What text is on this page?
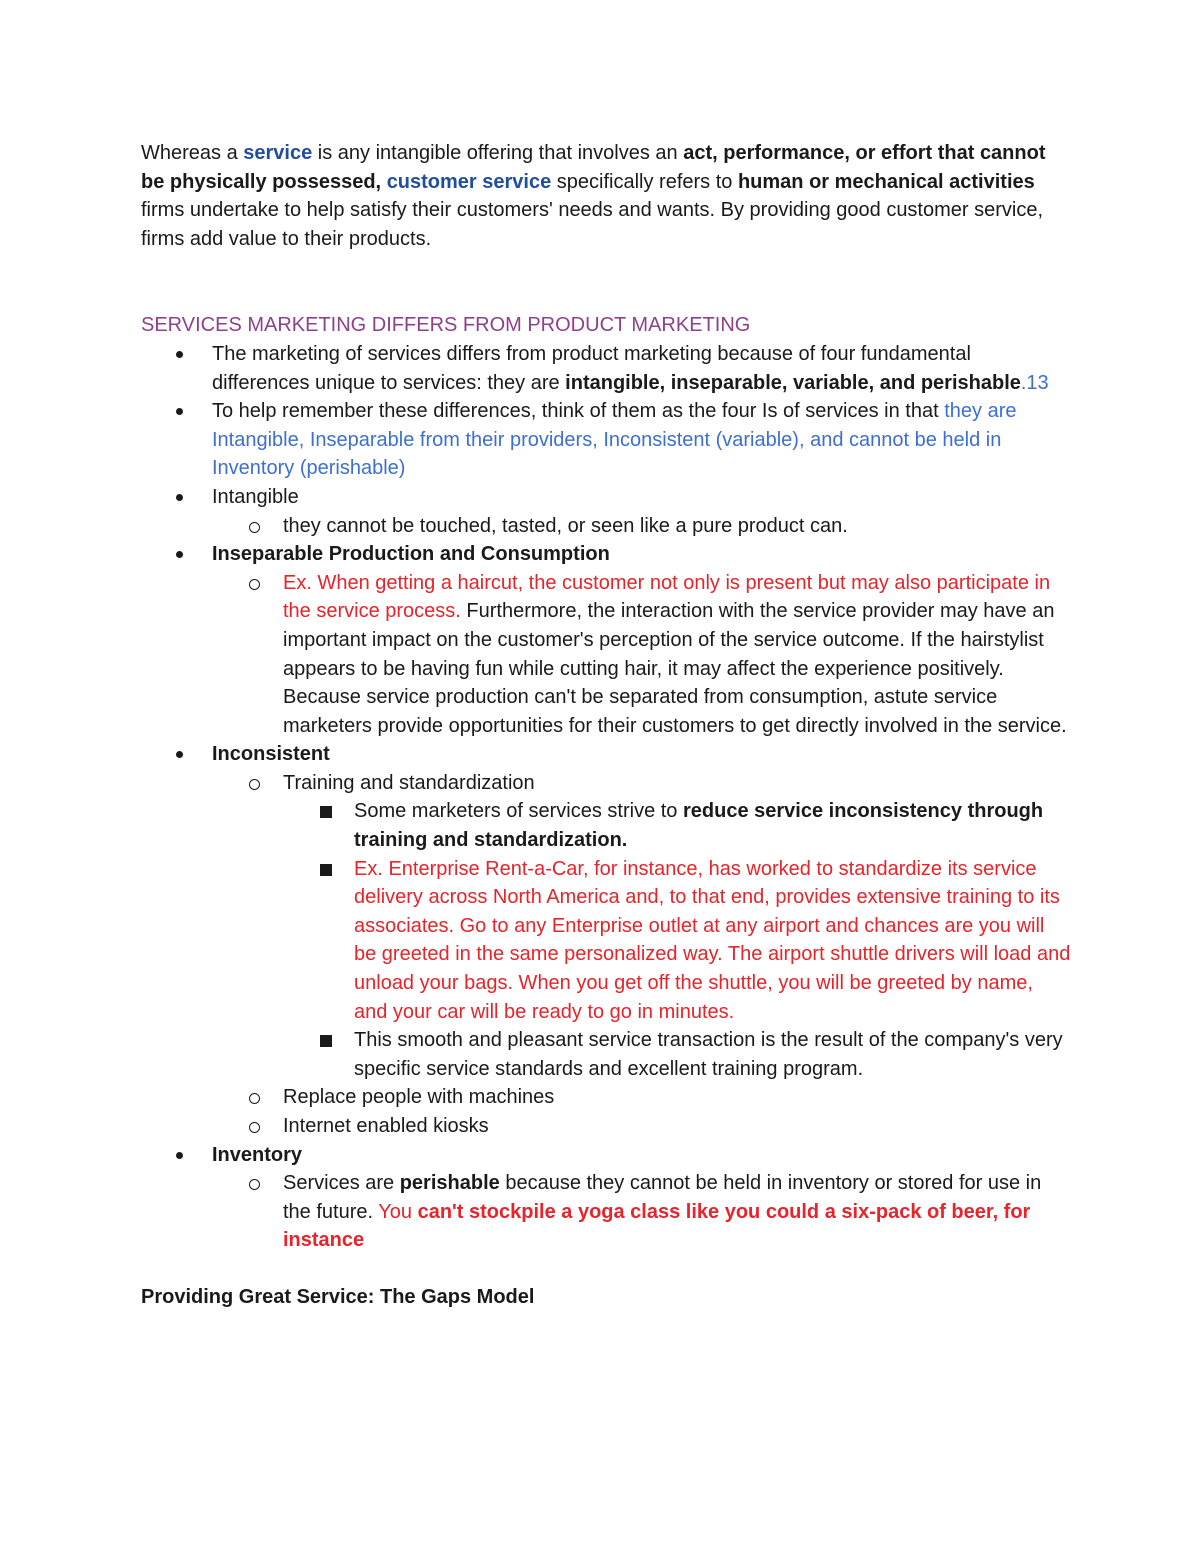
Whereas a service is any intangible offering that involves an act, performance, or effort that cannot be physically possessed, customer service specifically refers to human or mechanical activities firms undertake to help satisfy their customers' needs and wants. By providing good customer service, firms add value to their products.

SERVICES MARKETING DIFFERS FROM PRODUCT MARKETING

The marketing of services differs from product marketing because of four fundamental differences unique to services: they are intangible, inseparable, variable, and perishable.13
To help remember these differences, think of them as the four Is of services in that they are Intangible, Inseparable from their providers, Inconsistent (variable), and cannot be held in Inventory (perishable)
Intangible
they cannot be touched, tasted, or seen like a pure product can.
Inseparable Production and Consumption
Ex. When getting a haircut, the customer not only is present but may also participate in the service process. Furthermore, the interaction with the service provider may have an important impact on the customer's perception of the service outcome. If the hairstylist appears to be having fun while cutting hair, it may affect the experience positively. Because service production can't be separated from consumption, astute service marketers provide opportunities for their customers to get directly involved in the service.
Inconsistent
Training and standardization
Some marketers of services strive to reduce service inconsistency through training and standardization.
Ex. Enterprise Rent-a-Car, for instance, has worked to standardize its service delivery across North America and, to that end, provides extensive training to its associates. Go to any Enterprise outlet at any airport and chances are you will be greeted in the same personalized way. The airport shuttle drivers will load and unload your bags. When you get off the shuttle, you will be greeted by name, and your car will be ready to go in minutes.
This smooth and pleasant service transaction is the result of the company's very specific service standards and excellent training program.
Replace people with machines
Internet enabled kiosks
Inventory
Services are perishable because they cannot be held in inventory or stored for use in the future. You can't stockpile a yoga class like you could a six-pack of beer, for instance

Providing Great Service: The Gaps Model
